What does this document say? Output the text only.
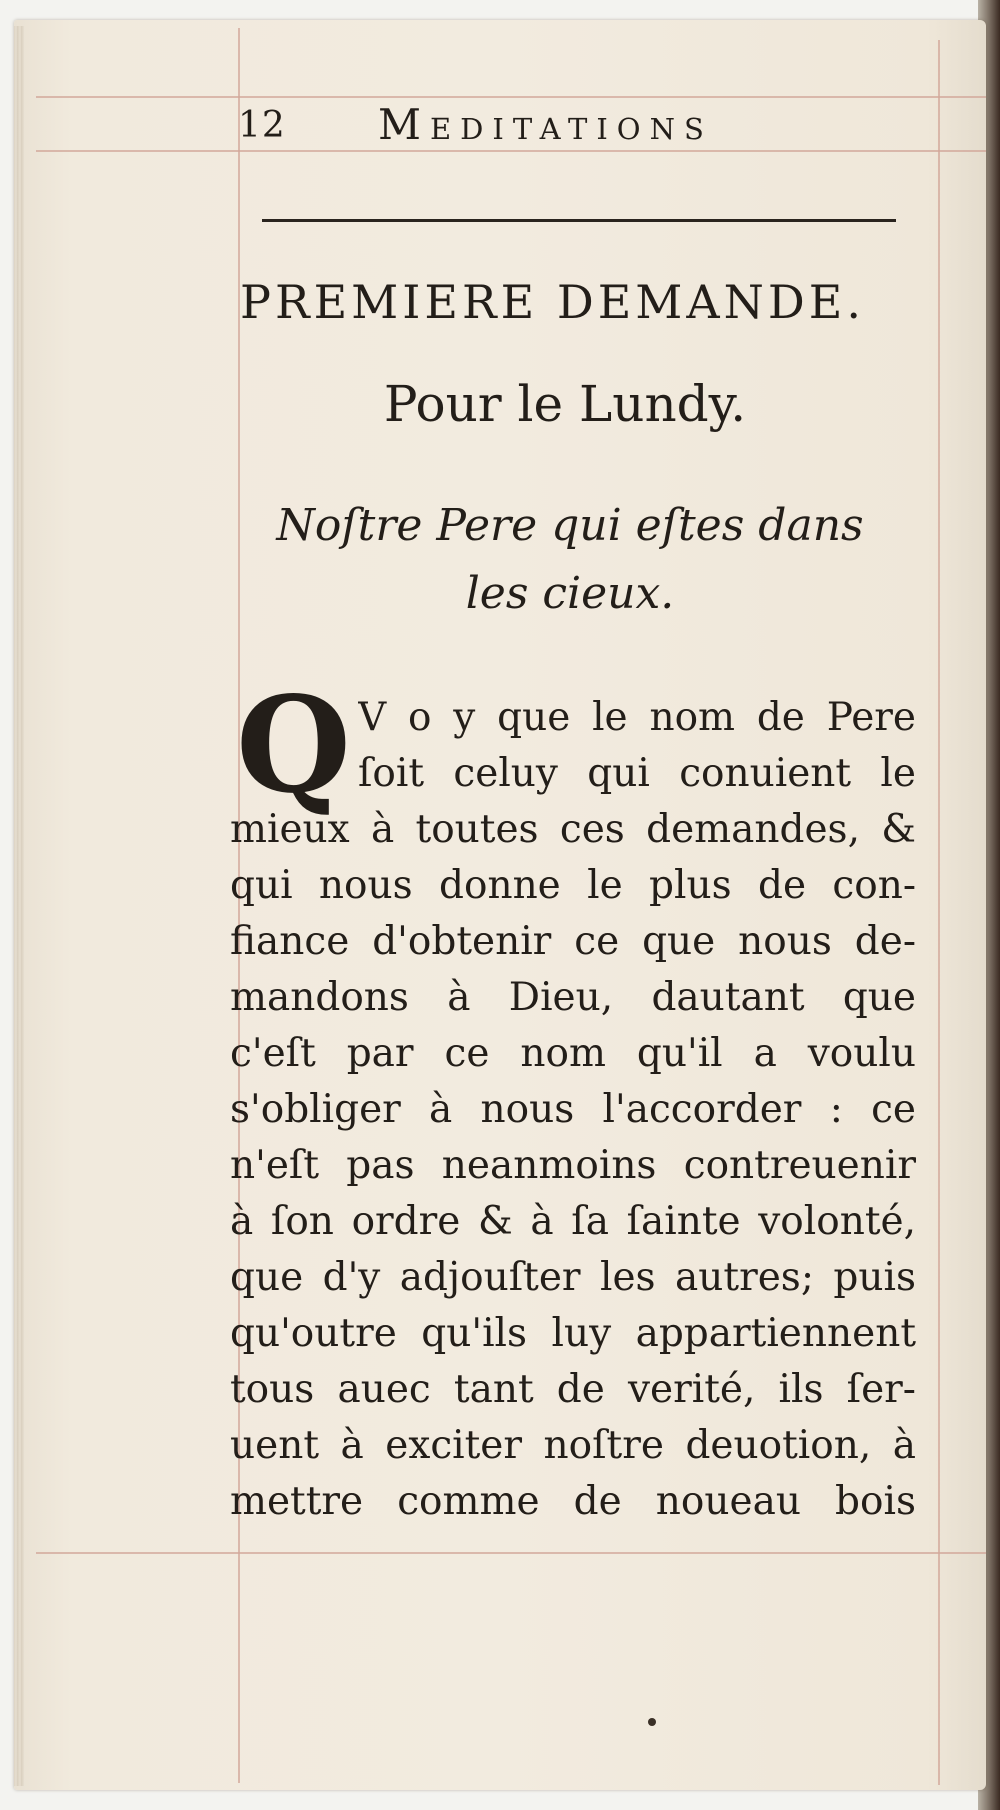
12 Meditations
PREMIERE DEMANDE.
Pour le Lundy.
Noſtre Pere qui eſtes dans
les cieux.
Q V o y que le nom de Pere
ſoit celuy qui conuient le
mieux à toutes ces demandes, &
qui nous donne le plus de con-
fiance d'obtenir ce que nous de-
mandons à Dieu, dautant que
c'eſt par ce nom qu'il a voulu
s'obliger à nous l'accorder : ce
n'eſt pas neanmoins contreuenir
à ſon ordre & à ſa ſainte volonté,
que d'y adjouſter les autres; puis
qu'outre qu'ils luy appartiennent
tous auec tant de verité, ils ſer-
uent à exciter noſtre deuotion, à
mettre comme de noueau bois
